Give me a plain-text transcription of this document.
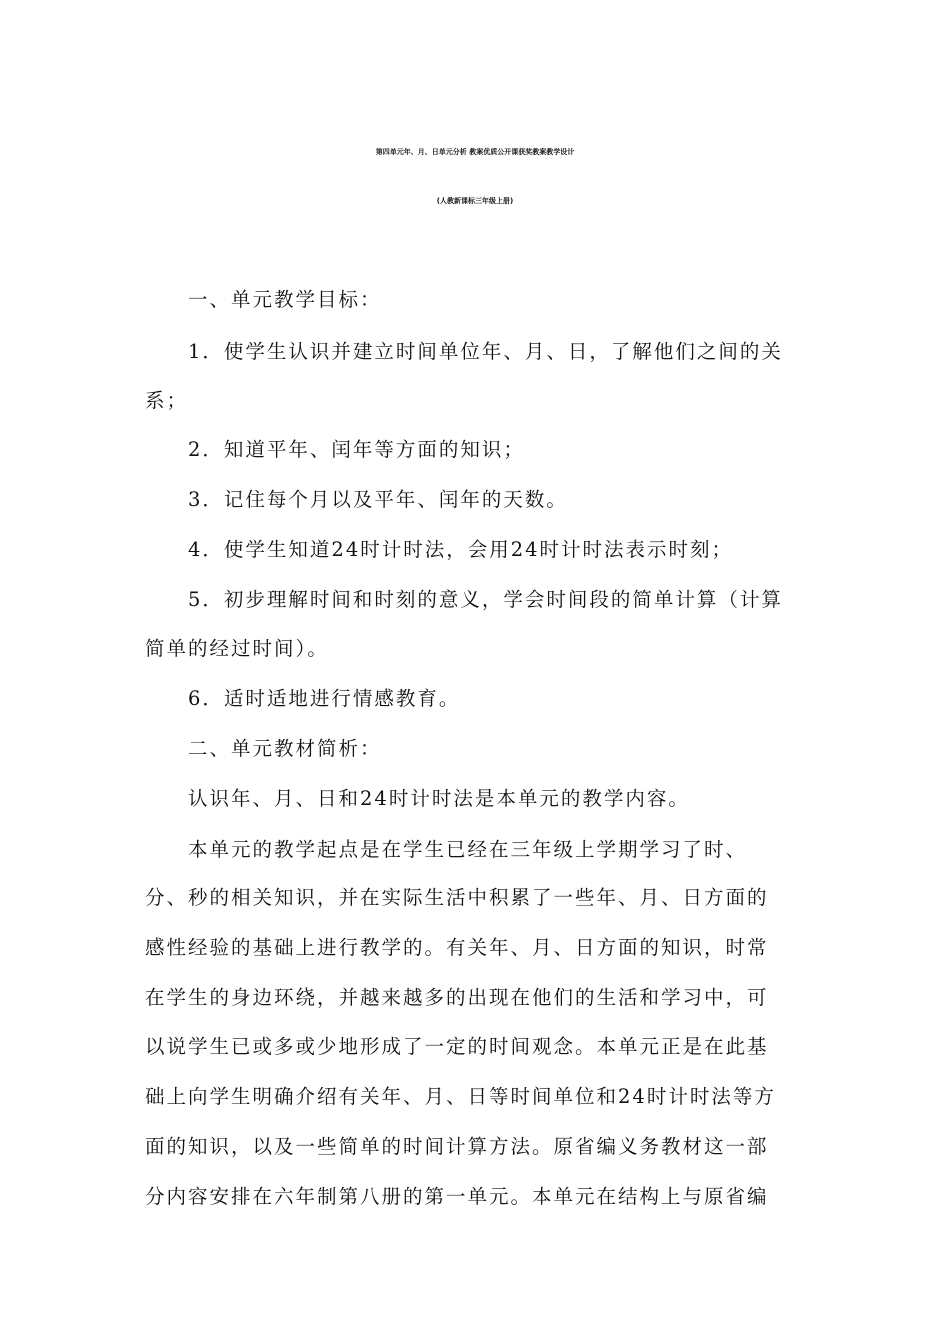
第四单元年、月、日单元分析 教案优质公开课获奖教案教学设计
(人教新课标三年级上册)
一、单元教学目标：
1．使学生认识并建立时间单位年、月、日，了解他们之间的关
系；
2．知道平年、闰年等方面的知识；
3．记住每个月以及平年、闰年的天数。
4．使学生知道24时计时法，会用24时计时法表示时刻；
5．初步理解时间和时刻的意义，学会时间段的简单计算（计算
简单的经过时间）。
6．适时适地进行情感教育。
二、单元教材简析：
认识年、月、日和24时计时法是本单元的教学内容。
本单元的教学起点是在学生已经在三年级上学期学习了时、
分、秒的相关知识，并在实际生活中积累了一些年、月、日方面的
感性经验的基础上进行教学的。有关年、月、日方面的知识，时常
在学生的身边环绕，并越来越多的出现在他们的生活和学习中，可
以说学生已或多或少地形成了一定的时间观念。本单元正是在此基
础上向学生明确介绍有关年、月、日等时间单位和24时计时法等方
面的知识，以及一些简单的时间计算方法。原省编义务教材这一部
分内容安排在六年制第八册的第一单元。本单元在结构上与原省编
